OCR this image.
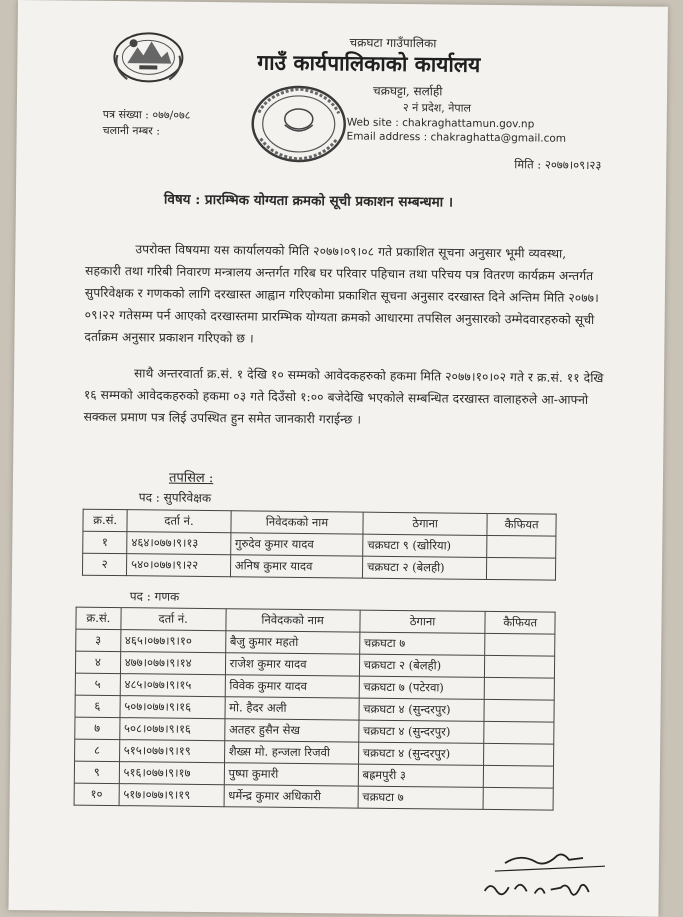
चक्रघटा गाउँपालिका
गाउँ कार्यपालिकाको कार्यालय
चक्रघट्टा, सर्लाही
२ नं प्रदेश, नेपाल
Web site : chakraghattamun.gov.np
Email address : chakraghatta@gmail.com
पत्र संख्या : ०७७/०७८
चलानी नम्बर :
मिति : २०७७।०९।२३
विषय : प्रारम्भिक योग्यता क्रमको सूची प्रकाशन सम्बन्धमा ।
उपरोक्त विषयमा यस कार्यालयको मिति २०७७।०९।०८ गते प्रकाशित सूचना अनुसार भूमी व्यवस्था, सहकारी तथा गरिबी निवारण मन्त्रालय अन्तर्गत गरिब घर परिवार पहिचान तथा परिचय पत्र वितरण कार्यक्रम अन्तर्गत सुपरिवेक्षक र गणकको लागि दरखास्त आह्वान गरिएकोमा प्रकाशित सूचना अनुसार दरखास्त दिने अन्तिम मिति २०७७।०९।२२ गतेसम्म पर्न आएको दरखास्तमा प्रारम्भिक योग्यता क्रमको आधारमा तपसिल अनुसारको उम्मेदवारहरुको सूची दर्ताक्रम अनुसार प्रकाशन गरिएको छ ।
साथै अन्तरवार्ता क्र.सं. १ देखि १० सम्मको आवेदकहरुको हकमा मिति २०७७।१०।०२ गते र क्र.सं. ११ देखि १६ सम्मको आवेदकहरुको हकमा ०३ गते दिउँसो १:०० बजेदेखि भएकोले सम्बन्धित दरखास्त वालाहरुले आ-आफ्नो सक्कल प्रमाण पत्र लिई उपस्थित हुन समेत जानकारी गराईन्छ ।
तपसिल :
पद : सुपरिवेक्षक
क्र.सं.	दर्ता नं.	निवेदकको नाम	ठेगाना	कैफियत
१	४६४।०७७।९।१३	गुरुदेव कुमार यादव	चक्रघटा ९ (खोरिया)	
२	५४०।०७७।९।२२	अनिष कुमार यादव	चक्रघटा २ (बेलही)	
पद : गणक
क्र.सं.	दर्ता नं.	निवेदकको नाम	ठेगाना	कैफियत
३	४६५।०७७।९।१०	बैजु कुमार महतो	चक्रघटा ७	
४	४७७।०७७।९।१४	राजेश कुमार यादव	चक्रघटा २ (बेलही)	
५	४८५।०७७।९।१५	विवेक कुमार यादव	चक्रघटा ७ (पटेरवा)	
६	५०७।०७७।९।१६	मो. हैदर अली	चक्रघटा ४ (सुन्दरपुर)	
७	५०८।०७७।९।१६	अतहर हुसैन सेख	चक्रघटा ४ (सुन्दरपुर)	
८	५१५।०७७।९।१९	शैख्स मो. हन्जला रिजवी	चक्रघटा ४ (सुन्दरपुर)	
९	५१६।०७७।९।१७	पुष्पा कुमारी	बह्रमपुरी ३	
१०	५१७।०७७।९।१९	धर्मेन्द्र कुमार अधिकारी	चक्रघटा ७	
